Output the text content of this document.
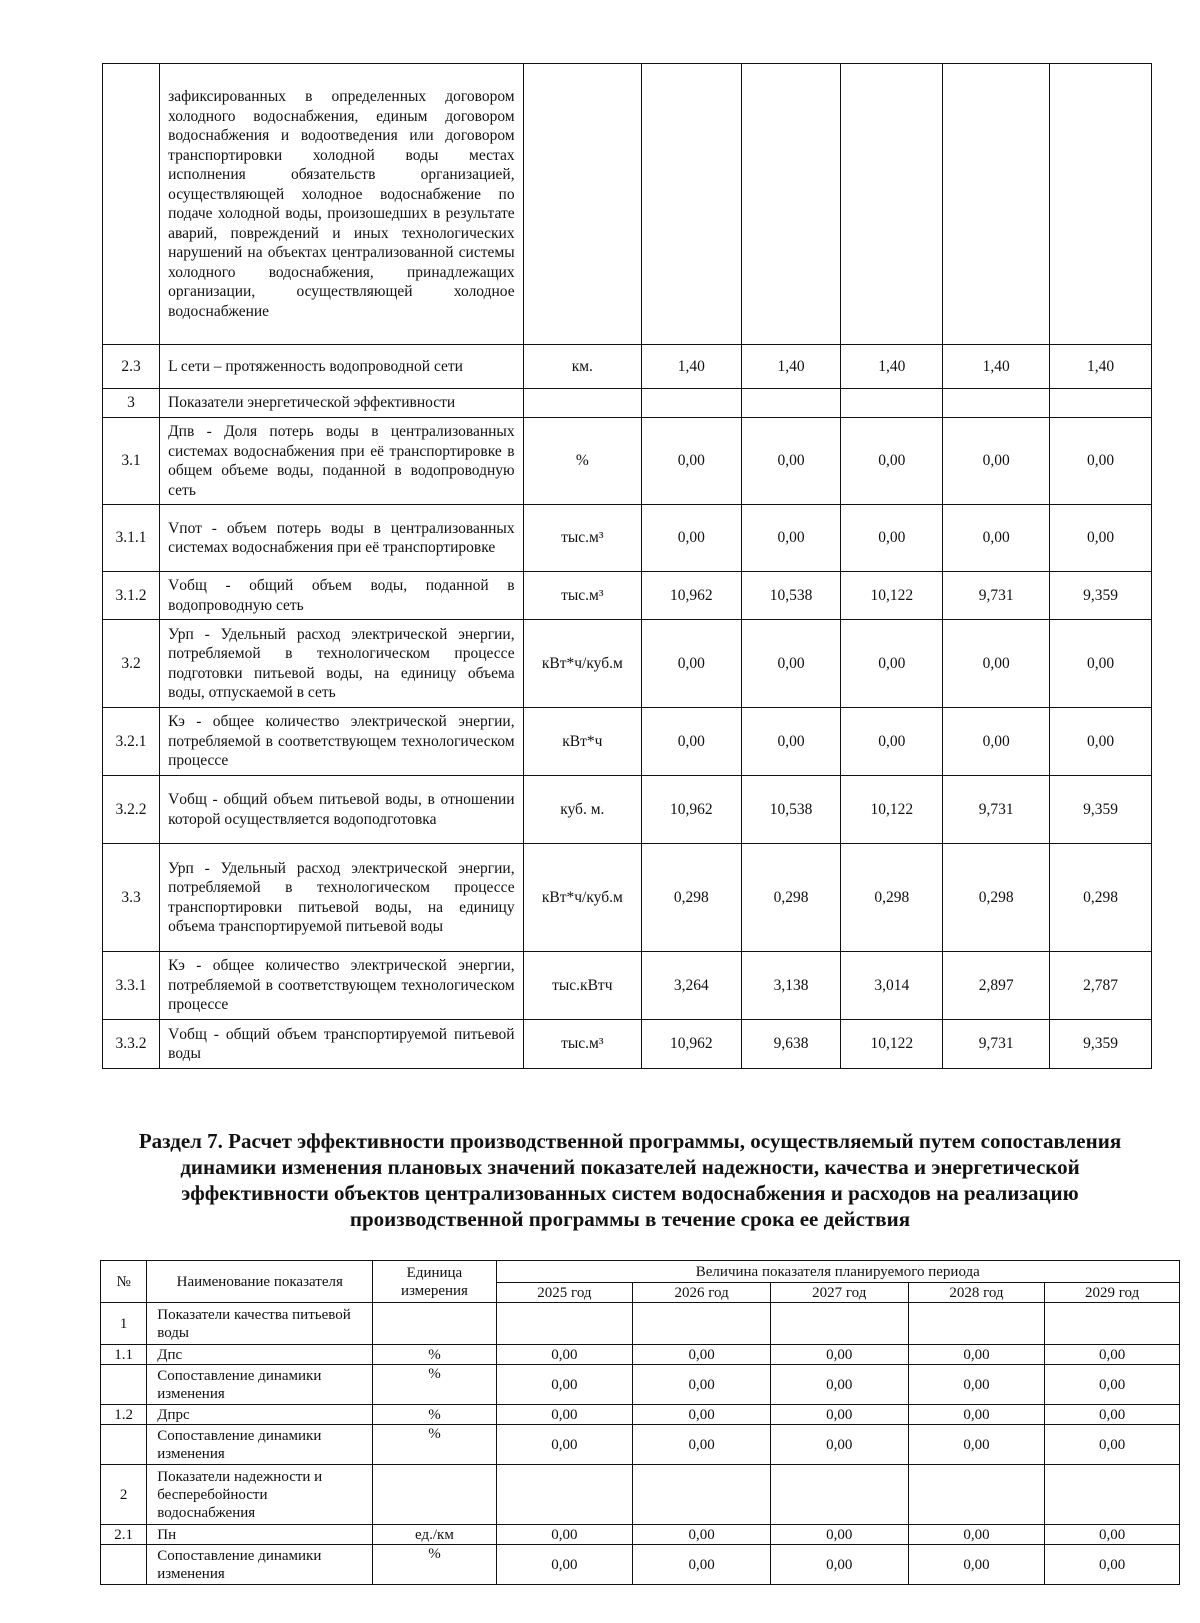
	зафиксированных в определенных договором холодного водоснабжения, единым договором водоснабжения и водоотведения или договором транспортировки холодной воды местах исполнения обязательств организацией, осуществляющей холодное водоснабжение по подаче холодной воды, произошедших в результате аварий, повреждений и иных технологических нарушений на объектах централизованной системы холодного водоснабжения, принадлежащих организации, осуществляющей холодное водоснабжение						
2.3	L сети – протяженность водопроводной сети	км.	1,40	1,40	1,40	1,40	1,40
3	Показатели энергетической эффективности						
3.1	Дпв - Доля потерь воды в централизованных системах водоснабжения при её транспортировке в общем объеме воды, поданной в водопроводную сеть	%	0,00	0,00	0,00	0,00	0,00
3.1.1	Vпот - объем потерь воды в централизованных системах водоснабжения при её транспортировке	тыс.м³	0,00	0,00	0,00	0,00	0,00
3.1.2	Vобщ - общий объем воды, поданной в водопроводную сеть	тыс.м³	10,962	10,538	10,122	9,731	9,359
3.2	Урп - Удельный расход электрической энергии, потребляемой в технологическом процессе подготовки питьевой воды, на единицу объема воды, отпускаемой в сеть	кВт*ч/куб.м	0,00	0,00	0,00	0,00	0,00
3.2.1	Кэ - общее количество электрической энергии, потребляемой в соответствующем технологическом процессе	кВт*ч	0,00	0,00	0,00	0,00	0,00
3.2.2	Vобщ - общий объем питьевой воды, в отношении которой осуществляется водоподготовка	куб. м.	10,962	10,538	10,122	9,731	9,359
3.3	Урп - Удельный расход электрической энергии, потребляемой в технологическом процессе транспортировки питьевой воды, на единицу объема транспортируемой питьевой воды	кВт*ч/куб.м	0,298	0,298	0,298	0,298	0,298
3.3.1	Кэ - общее количество электрической энергии, потребляемой в соответствующем технологическом процессе	тыс.кВтч	3,264	3,138	3,014	2,897	2,787
3.3.2	Vобщ - общий объем транспортируемой питьевой воды	тыс.м³	10,962	9,638	10,122	9,731	9,359
Раздел 7. Расчет эффективности производственной программы, осуществляемый путем сопоставления динамики изменения плановых значений показателей надежности, качества и энергетической эффективности объектов централизованных систем водоснабжения и расходов на реализацию производственной программы в течение срока ее действия
№	Наименование показателя	Единица измерения	Величина показателя планируемого периода				
			2025 год	2026 год	2027 год	2028 год	2029 год
1	Показатели качества питьевой воды						
1.1	Дпс	%	0,00	0,00	0,00	0,00	0,00
	Сопоставление динамики изменения	%	0,00	0,00	0,00	0,00	0,00
1.2	Дпрс	%	0,00	0,00	0,00	0,00	0,00
	Сопоставление динамики изменения	%	0,00	0,00	0,00	0,00	0,00
2	Показатели надежности и бесперебойности водоснабжения						
2.1	Пн	ед./км	0,00	0,00	0,00	0,00	0,00
	Сопоставление динамики изменения	%	0,00	0,00	0,00	0,00	0,00
